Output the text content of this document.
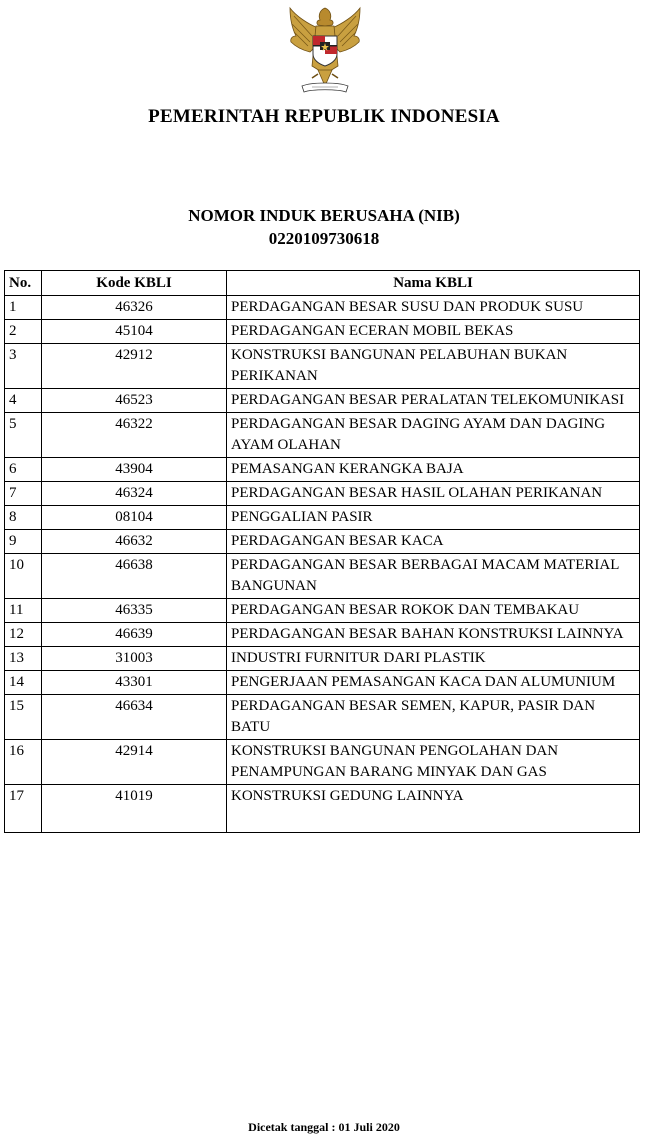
PEMERINTAH REPUBLIK INDONESIA
NOMOR INDUK BERUSAHA (NIB)
0220109730618
No.	Kode KBLI	Nama KBLI
1	46326	PERDAGANGAN BESAR SUSU DAN PRODUK SUSU
2	45104	PERDAGANGAN ECERAN MOBIL BEKAS
3	42912	KONSTRUKSI BANGUNAN PELABUHAN BUKAN PERIKANAN
4	46523	PERDAGANGAN BESAR PERALATAN TELEKOMUNIKASI
5	46322	PERDAGANGAN BESAR DAGING AYAM DAN DAGING AYAM OLAHAN
6	43904	PEMASANGAN KERANGKA BAJA
7	46324	PERDAGANGAN BESAR HASIL OLAHAN PERIKANAN
8	08104	PENGGALIAN PASIR
9	46632	PERDAGANGAN BESAR KACA
10	46638	PERDAGANGAN BESAR BERBAGAI MACAM MATERIAL BANGUNAN
11	46335	PERDAGANGAN BESAR ROKOK DAN TEMBAKAU
12	46639	PERDAGANGAN BESAR BAHAN KONSTRUKSI LAINNYA
13	31003	INDUSTRI FURNITUR DARI PLASTIK
14	43301	PENGERJAAN PEMASANGAN KACA DAN ALUMUNIUM
15	46634	PERDAGANGAN BESAR SEMEN, KAPUR, PASIR DAN BATU
16	42914	KONSTRUKSI BANGUNAN PENGOLAHAN DAN PENAMPUNGAN BARANG MINYAK DAN GAS
17	41019	KONSTRUKSI GEDUNG LAINNYA
Dicetak tanggal : 01 Juli 2020
